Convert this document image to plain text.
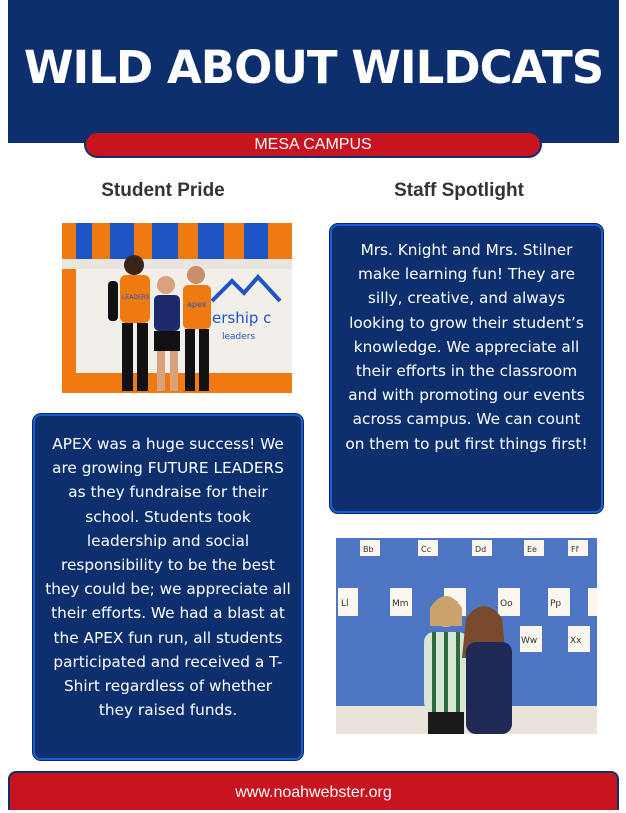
WILD ABOUT WILDCATS
MESA CAMPUS
Student Pride	Staff Spotlight
ership c
leaders
apex
LEADERS
Mrs. Knight and Mrs. Stilner make learning fun! They are silly, creative, and always looking to grow their student’s knowledge. We appreciate all their efforts in the classroom and with promoting our events across campus. We can count on them to put first things first!
APEX was a huge success! We are growing FUTURE LEADERS as they fundraise for their school. Students took leadership and social responsibility to be the best they could be; we appreciate all their efforts. We had a blast at the APEX fun run, all students participated and received a T-Shirt regardless of whether they raised funds.
Bb	Cc	Dd	Ee	Ff
Ll	Mm	Oo	Pp
Ww	Xx
www.noahwebster.org
